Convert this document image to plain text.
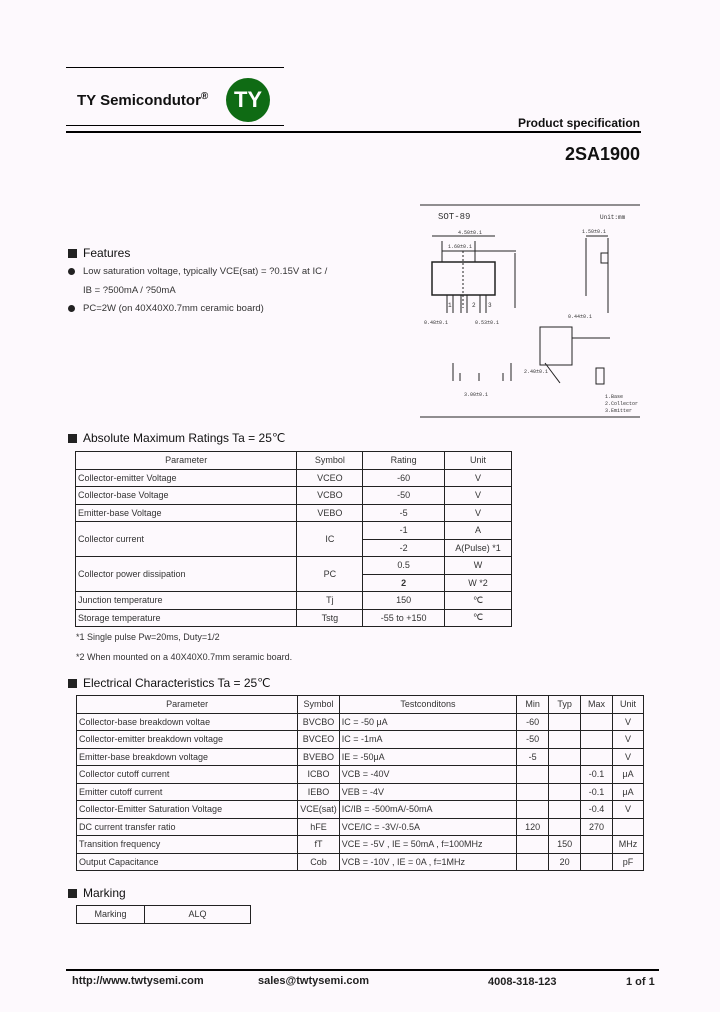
TY Semicondutor®	TY
Product specification
2SA1900
SOT-89	Unit:mm
1	2 3
4.50±0.1
1.60±0.1
0.48±0.1	0.53±0.1
1.50±0.1
0.44±0.1
2.40±0.1
3.00±0.1	1.Base
2.Collector
3.Emitter
Features
Low saturation voltage, typically VCE(sat) = ?0.15V at IC /
IB = ?500mA / ?50mA
PC=2W (on 40X40X0.7mm ceramic board)
Absolute Maximum Ratings Ta = 25℃
Parameter	Symbol	Rating	Unit
Collector-emitter Voltage	VCEO	-60	V
Collector-base Voltage	VCBO	-50	V
Emitter-base Voltage	VEBO	-5	V
Collector current	IC	-1	A
		-2	A(Pulse) *1
Collector power dissipation	PC	0.5	W
		2	W *2
Junction temperature	Tj	150	℃
Storage temperature	Tstg	-55 to +150	℃
*1 Single pulse Pw=20ms, Duty=1/2
*2 When mounted on a 40X40X0.7mm seramic board.
Electrical Characteristics Ta = 25℃
Parameter	Symbol	Testconditons	Min	Typ	Max	Unit
Collector-base breakdown voltae	BVCBO	IC = -50 μA	-60			V
Collector-emitter breakdown voltage	BVCEO	IC = -1mA	-50			V
Emitter-base breakdown voltage	BVEBO	IE = -50μA	-5			V
Collector cutoff current	ICBO	VCB = -40V			-0.1	μA
Emitter cutoff current	IEBO	VEB = -4V			-0.1	μA
Collector-Emitter Saturation Voltage	VCE(sat)	IC/IB = -500mA/-50mA			-0.4	V
DC current transfer ratio	hFE	VCE/IC = -3V/-0.5A	120		270	
Transition frequency	fT	VCE = -5V , IE = 50mA , f=100MHz		150		MHz
Output Capacitance	Cob	VCB = -10V , IE = 0A , f=1MHz		20		pF
Marking
Marking	ALQ
http://www.twtysemi.com	sales@twtysemi.com	4008-318-123	1 of 1
